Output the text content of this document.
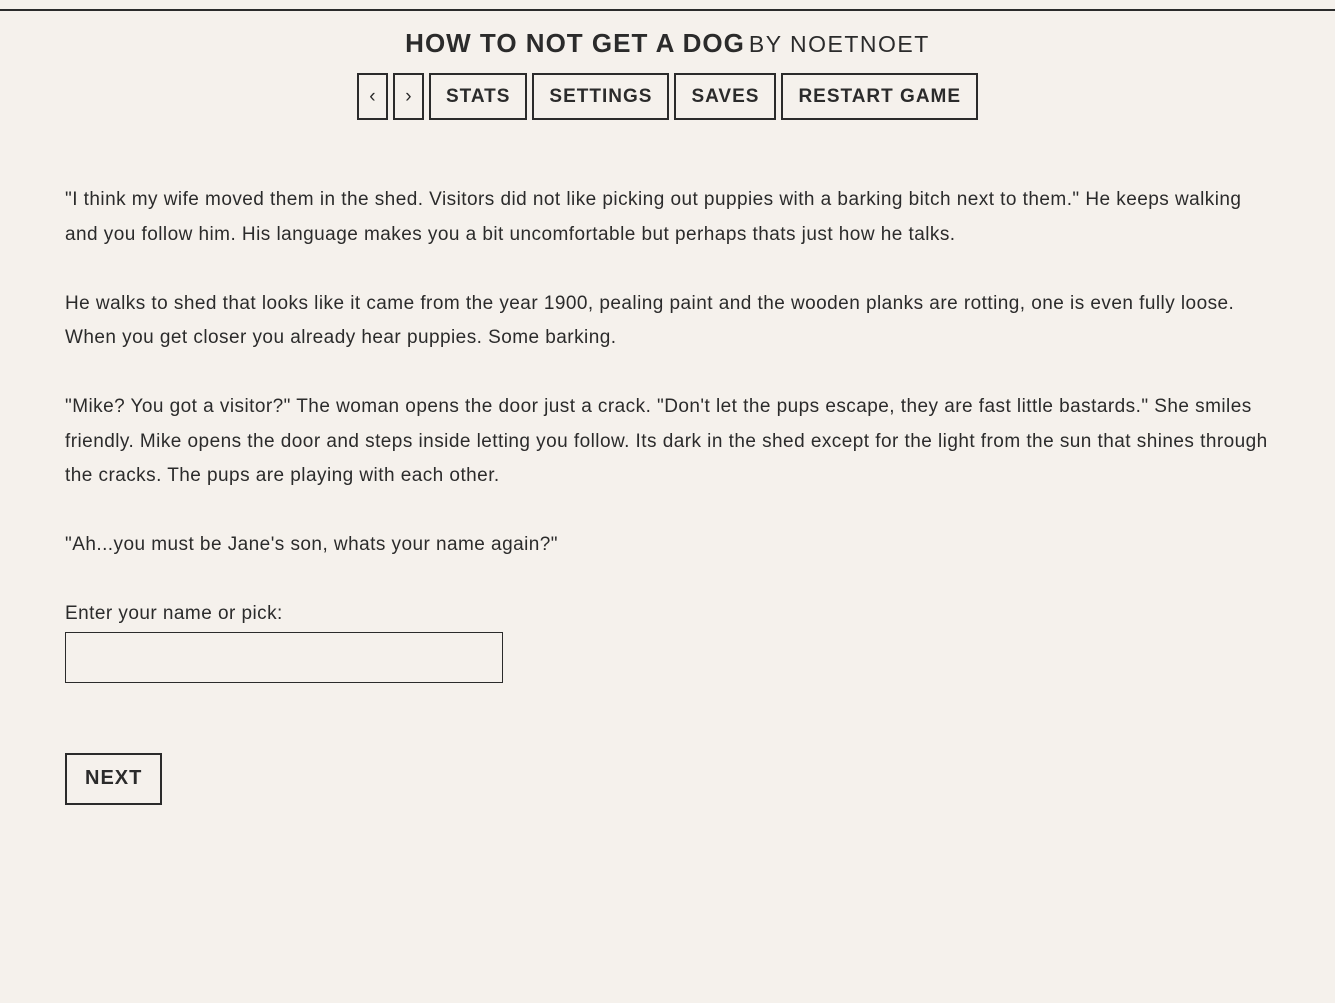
HOW TO NOT GET A DOG BY NOETNOET
‹	›	STATS	SETTINGS	SAVES	RESTART GAME

"I think my wife moved them in the shed. Visitors did not like picking out puppies with a barking bitch next to them." He keeps walking and you follow him. His language makes you a bit uncomfortable but perhaps thats just how he talks.

He walks to shed that looks like it came from the year 1900, pealing paint and the wooden planks are rotting, one is even fully loose. When you get closer you already hear puppies. Some barking.

"Mike? You got a visitor?" The woman opens the door just a crack. "Don't let the pups escape, they are fast little bastards." She smiles friendly. Mike opens the door and steps inside letting you follow. Its dark in the shed except for the light from the sun that shines through the cracks. The pups are playing with each other.

"Ah...you must be Jane's son, whats your name again?"

Enter your name or pick:

NEXT
